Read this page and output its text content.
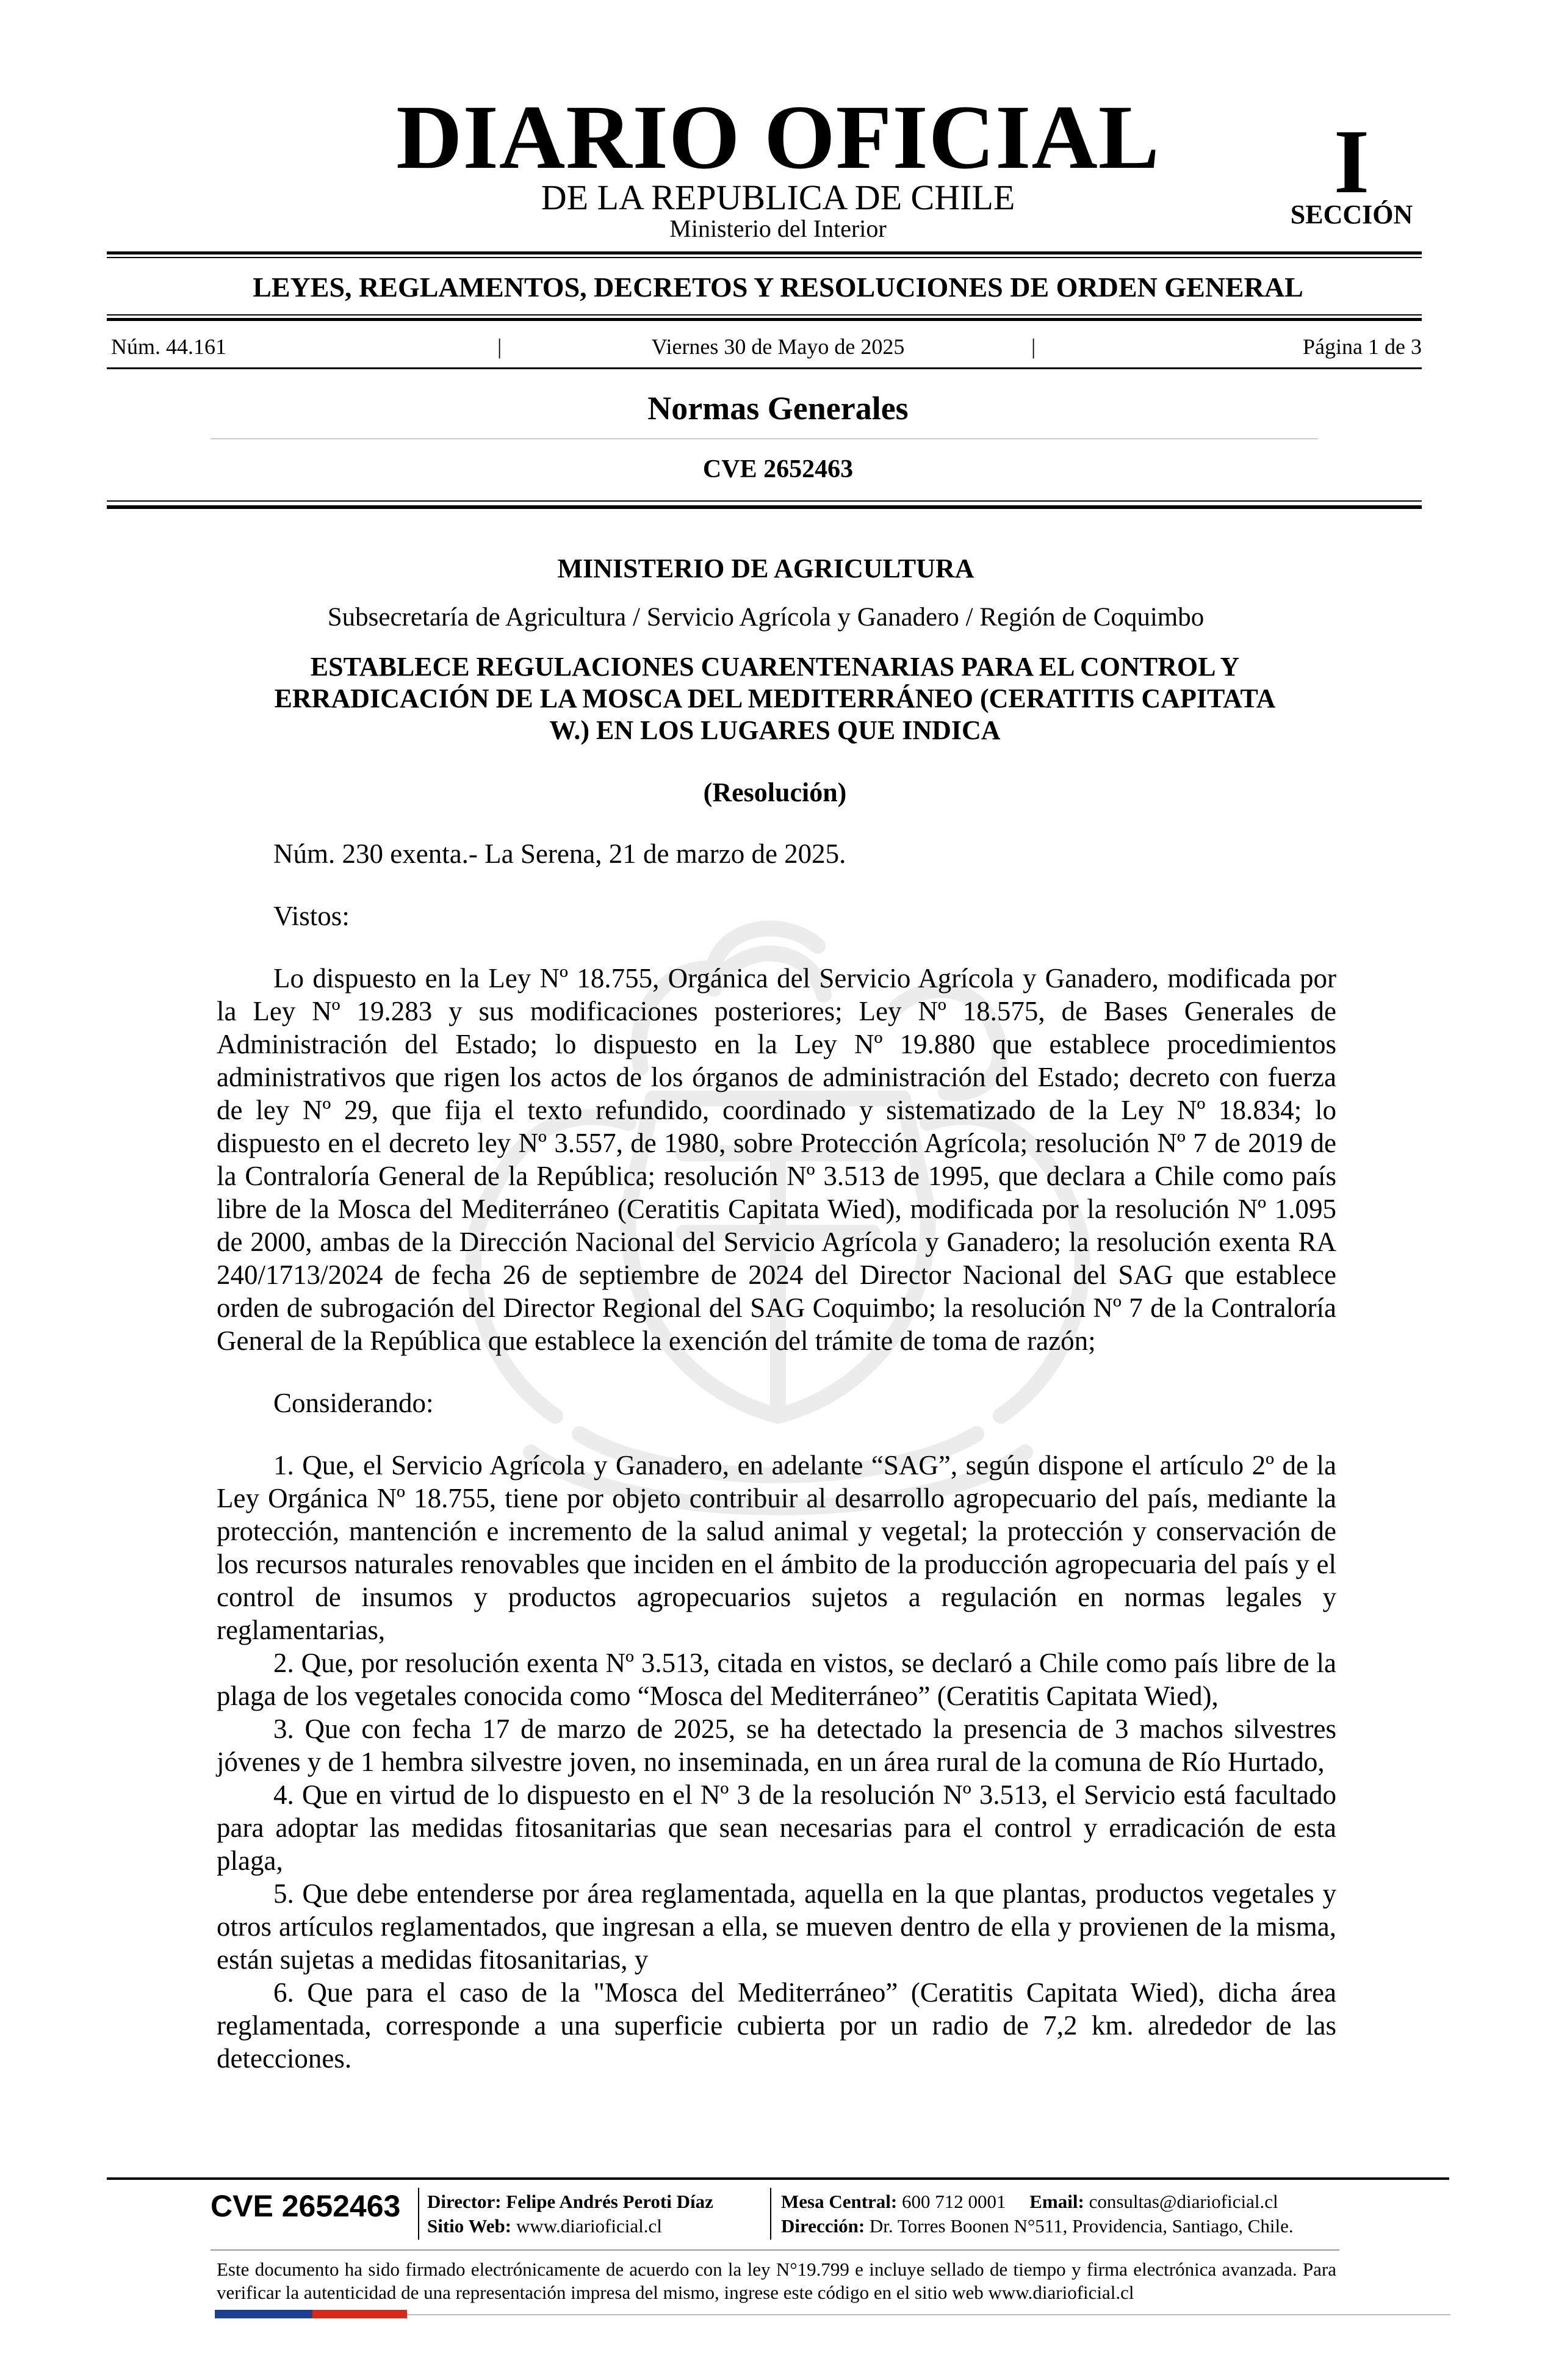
DIARIO OFICIAL
DE LA REPUBLICA DE CHILE
Ministerio del Interior
I
SECCIÓN
LEYES, REGLAMENTOS, DECRETOS Y RESOLUCIONES DE ORDEN GENERAL
Núm. 44.161	|	Viernes 30 de Mayo de 2025	|	Página 1 de 3
Normas Generales
CVE 2652463
MINISTERIO DE AGRICULTURA
Subsecretaría de Agricultura / Servicio Agrícola y Ganadero / Región de Coquimbo
ESTABLECE REGULACIONES CUARENTENARIAS PARA EL CONTROL Y
ERRADICACIÓN DE LA MOSCA DEL MEDITERRÁNEO (CERATITIS CAPITATA
W.) EN LOS LUGARES QUE INDICA
(Resolución)

Núm. 230 exenta.- La Serena, 21 de marzo de 2025.

Vistos:

Lo dispuesto en la Ley Nº 18.755, Orgánica del Servicio Agrícola y Ganadero, modificada por la Ley Nº 19.283 y sus modificaciones posteriores; Ley Nº 18.575, de Bases Generales de Administración del Estado; lo dispuesto en la Ley Nº 19.880 que establece procedimientos administrativos que rigen los actos de los órganos de administración del Estado; decreto con fuerza de ley Nº 29, que fija el texto refundido, coordinado y sistematizado de la Ley Nº 18.834; lo dispuesto en el decreto ley Nº 3.557, de 1980, sobre Protección Agrícola; resolución Nº 7 de 2019 de la Contraloría General de la República; resolución Nº 3.513 de 1995, que declara a Chile como país libre de la Mosca del Mediterráneo (Ceratitis Capitata Wied), modificada por la resolución Nº 1.095 de 2000, ambas de la Dirección Nacional del Servicio Agrícola y Ganadero; la resolución exenta RA 240/1713/2024 de fecha 26 de septiembre de 2024 del Director Nacional del SAG que establece orden de subrogación del Director Regional del SAG Coquimbo; la resolución Nº 7 de la Contraloría General de la República que establece la exención del trámite de toma de razón;

Considerando:

1. Que, el Servicio Agrícola y Ganadero, en adelante “SAG”, según dispone el artículo 2º de la Ley Orgánica Nº 18.755, tiene por objeto contribuir al desarrollo agropecuario del país, mediante la protección, mantención e incremento de la salud animal y vegetal; la protección y conservación de los recursos naturales renovables que inciden en el ámbito de la producción agropecuaria del país y el control de insumos y productos agropecuarios sujetos a regulación en normas legales y reglamentarias,

2. Que, por resolución exenta Nº 3.513, citada en vistos, se declaró a Chile como país libre de la plaga de los vegetales conocida como “Mosca del Mediterráneo” (Ceratitis Capitata Wied),

3. Que con fecha 17 de marzo de 2025, se ha detectado la presencia de 3 machos silvestres jóvenes y de 1 hembra silvestre joven, no inseminada, en un área rural de la comuna de Río Hurtado,

4. Que en virtud de lo dispuesto en el Nº 3 de la resolución Nº 3.513, el Servicio está facultado para adoptar las medidas fitosanitarias que sean necesarias para el control y erradicación de esta plaga,

5. Que debe entenderse por área reglamentada, aquella en la que plantas, productos vegetales y otros artículos reglamentados, que ingresan a ella, se mueven dentro de ella y provienen de la misma, están sujetas a medidas fitosanitarias, y

6. Que para el caso de la "Mosca del Mediterráneo” (Ceratitis Capitata Wied), dicha área reglamentada, corresponde a una superficie cubierta por un radio de 7,2 km. alrededor de las detecciones.

CVE 2652463 Director: Felipe Andrés Peroti Díaz
Sitio Web: www.diarioficial.cl
Mesa Central: 600 712 0001 Email: consultas@diarioficial.cl
Dirección: Dr. Torres Boonen N°511, Providencia, Santiago, Chile.
Este documento ha sido firmado electrónicamente de acuerdo con la ley N°19.799 e incluye sellado de tiempo y firma electrónica avanzada. Para verificar la autenticidad de una representación impresa del mismo, ingrese este código en el sitio web www.diarioficial.cl
